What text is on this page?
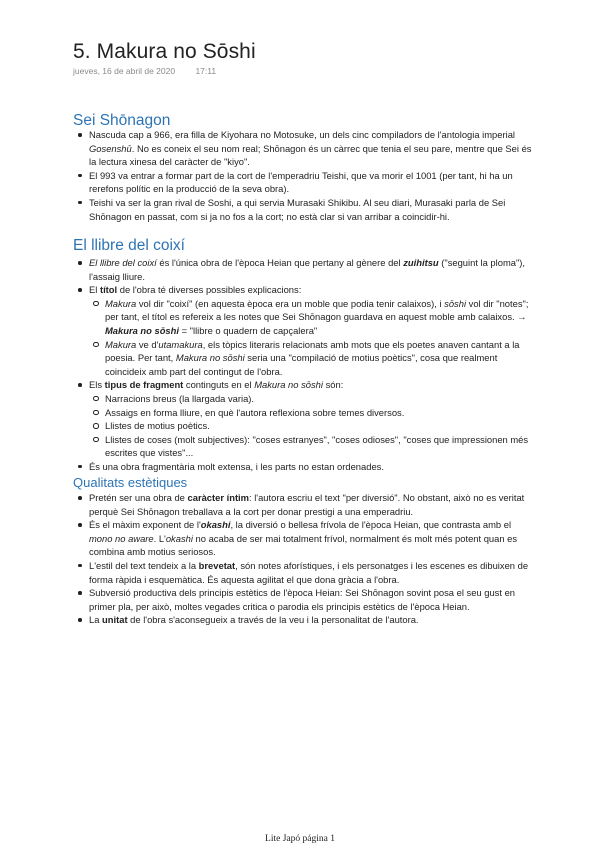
5. Makura no Sōshi
jueves, 16 de abril de 2020 17:11
Sei Shōnagon
Nascuda cap a 966, era filla de Kiyohara no Motosuke, un dels cinc compiladors de l'antologia imperial Gosenshū. No es coneix el seu nom real; Shōnagon és un càrrec que tenia el seu pare, mentre que Sei és la lectura xinesa del caràcter de "kiyo".
El 993 va entrar a formar part de la cort de l'emperadriu Teishi, que va morir el 1001 (per tant, hi ha un rerefons polític en la producció de la seva obra).
Teishi va ser la gran rival de Soshi, a qui servia Murasaki Shikibu. Al seu diari, Murasaki parla de Sei Shōnagon en passat, com si ja no fos a la cort; no està clar si van arribar a coincidir-hi.
El llibre del coixí
El llibre del coixí és l'única obra de l'època Heian que pertany al gènere del zuihitsu ("seguint la ploma"), l'assaig lliure.
El títol de l'obra té diverses possibles explicacions:
Makura vol dir "coixí" (en aquesta època era un moble que podia tenir calaixos), i sōshi vol dir "notes"; per tant, el títol es refereix a les notes que Sei Shōnagon guardava en aquest moble amb calaixos. → Makura no sōshi = "llibre o quadern de capçalera"
Makura ve d'utamakura, els tòpics literaris relacionats amb mots que els poetes anaven cantant a la poesia. Per tant, Makura no sōshi seria una "compilació de motius poètics", cosa que realment coincideix amb part del contingut de l'obra.
Els tipus de fragment continguts en el Makura no sōshi són:
Narracions breus (la llargada varia).
Assaigs en forma lliure, en què l'autora reflexiona sobre temes diversos.
Llistes de motius poètics.
Llistes de coses (molt subjectives): "coses estranyes", "coses odioses", "coses que impressionen més escrites que vistes"...
És una obra fragmentària molt extensa, i les parts no estan ordenades.
Qualitats estètiques
Pretén ser una obra de caràcter íntim: l'autora escriu el text "per diversió". No obstant, això no es veritat perquè Sei Shōnagon treballava a la cort per donar prestigi a una emperadriu.
És el màxim exponent de l'okashi, la diversió o bellesa frívola de l'època Heian, que contrasta amb el mono no aware. L'okashi no acaba de ser mai totalment frívol, normalment és molt més potent quan es combina amb motius seriosos.
L'estil del text tendeix a la brevetat, són notes aforístiques, i els personatges i les escenes es dibuixen de forma ràpida i esquemàtica. És aquesta agilitat el que dona gràcia a l'obra.
Subversió productiva dels principis estètics de l'època Heian: Sei Shōnagon sovint posa el seu gust en primer pla, per això, moltes vegades critica o parodia els principis estètics de l'època Heian.
La unitat de l'obra s'aconsegueix a través de la veu i la personalitat de l'autora.
Lite Japó página 1
